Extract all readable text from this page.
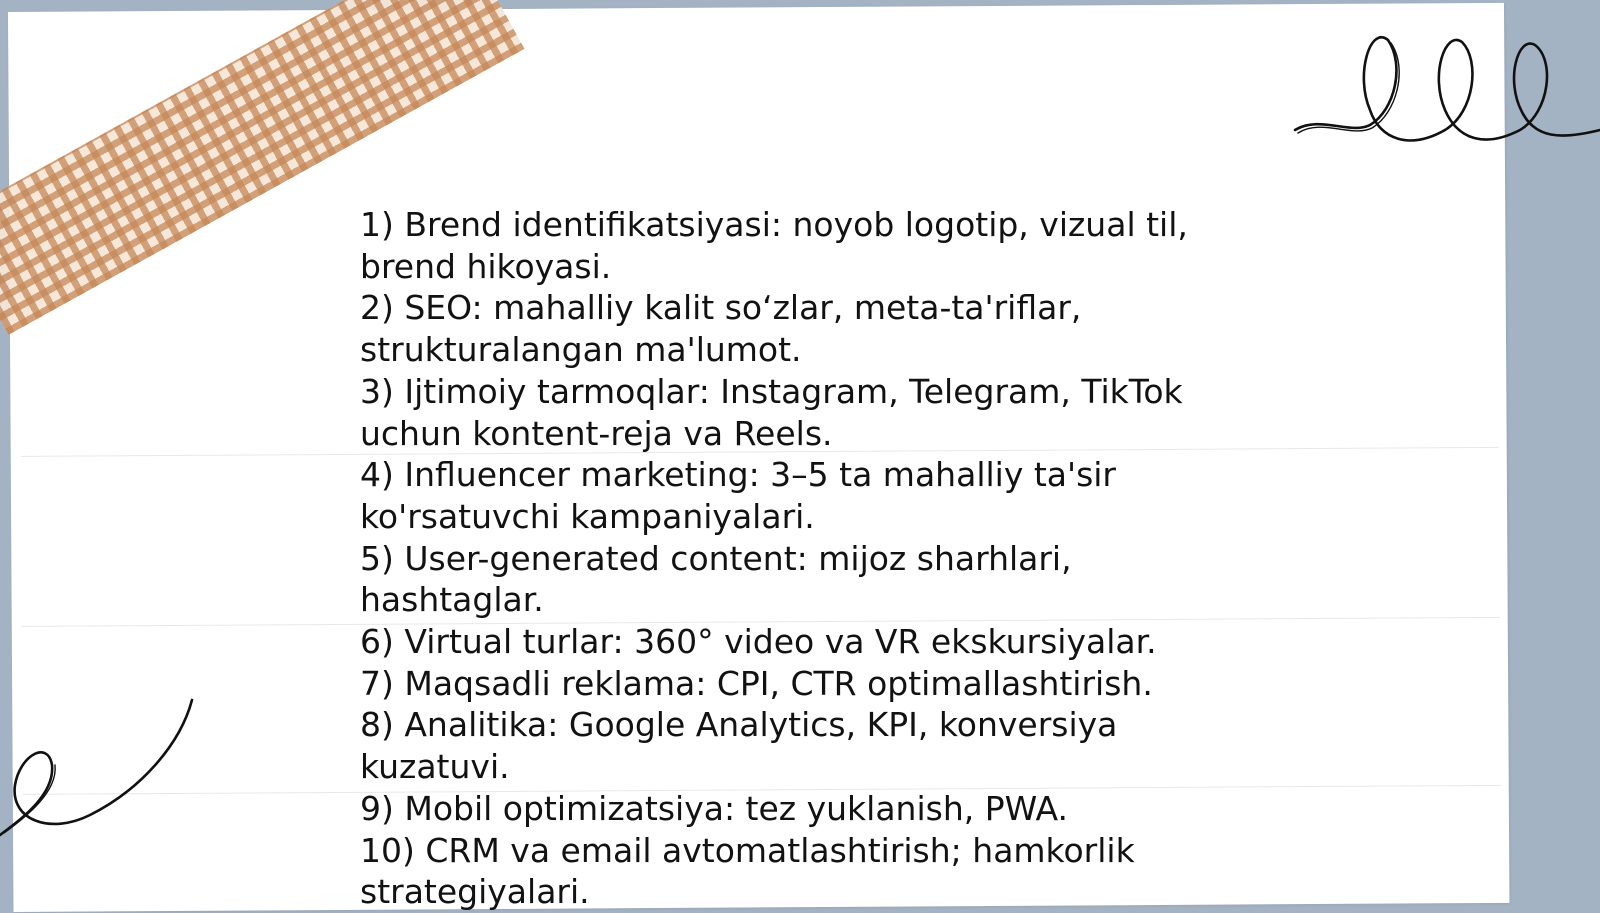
1) Brend identifikatsiyasi: noyob logotip, vizual til, brend hikoyasi.

2) SEO: mahalliy kalit so‘zlar, meta-ta'riflar, strukturalangan ma'lumot.

3) Ijtimoiy tarmoqlar: Instagram, Telegram, TikTok uchun kontent-reja va Reels.

4) Influencer marketing: 3–5 ta mahalliy ta'sir ko'rsatuvchi kampaniyalari.

5) User-generated content: mijoz sharhlari, hashtaglar.

6) Virtual turlar: 360° video va VR ekskursiyalar.

7) Maqsadli reklama: CPI, CTR optimallashtirish.

8) Analitika: Google Analytics, KPI, konversiya kuzatuvi.

9) Mobil optimizatsiya: tez yuklanish, PWA.

10) CRM va email avtomatlashtirish; hamkorlik strategiyalari.
